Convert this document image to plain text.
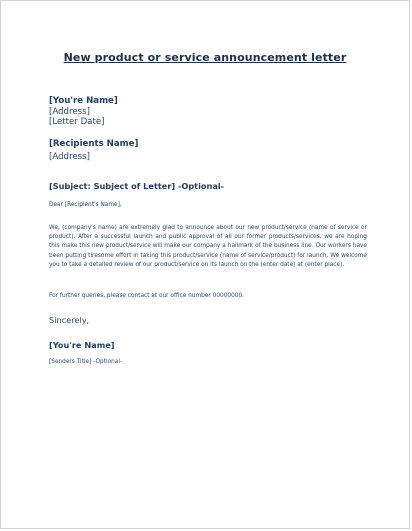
New product or service announcement letter
[You're Name]
[Address]
[Letter Date]
[Recipients Name]
[Address]
[Subject: Subject of Letter] -Optional-
Dear [Recipient's Name],
We, (company's name) are extremely glad to announce about our new product/service (name of service or product). After a successful launch and public approval of all our former products/services, we are hoping this make this new product/service will make our company a hallmark of the business line. Our workers have been putting tiresome effort in taking this product/service (name of service/product) for launch. We welcome you to take a detailed review of our product/service on its launch on the (enter date) at (enter place).
For further queries, please contact at our office number 00000000.
Sincerely,
[You're Name]
[Senders Title] -Optional-
